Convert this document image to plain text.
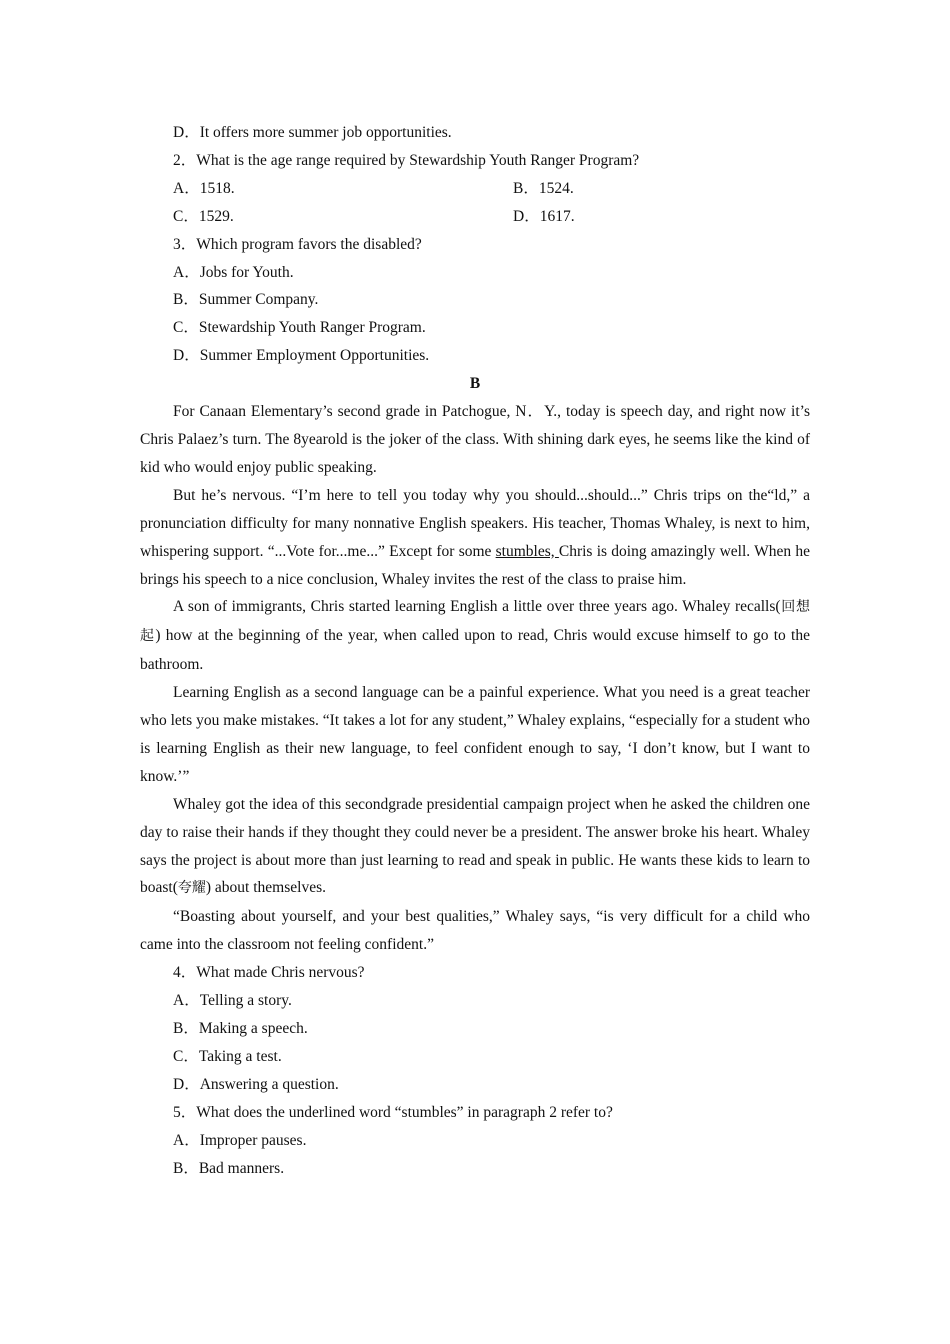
D．It offers more summer job opportunities.
2．What is the age range required by Stewardship Youth Ranger Program?
A．1518.	B．1524.
C．1529.	D．1617.
3．Which program favors the disabled?
A．Jobs for Youth.
B．Summer Company.
C．Stewardship Youth Ranger Program.
D．Summer Employment Opportunities.
B

For Canaan Elementary’s second grade in Patchogue, N．Y., today is speech day, and right now it’s Chris Palaez’s turn. The 8yearold is the joker of the class. With shining dark eyes, he seems like the kind of kid who would enjoy public speaking.

But he’s nervous. “I’m here to tell you today why you should...should...” Chris trips on the“ld,” a pronunciation difficulty for many nonnative English speakers. His teacher, Thomas Whaley, is next to him, whispering support. “...Vote for...me...” Except for some stumbles, Chris is doing amazingly well. When he brings his speech to a nice conclusion, Whaley invites the rest of the class to praise him.

A son of immigrants, Chris started learning English a little over three years ago. Whaley recalls(回想起) how at the beginning of the year, when called upon to read, Chris would excuse himself to go to the bathroom.

Learning English as a second language can be a painful experience. What you need is a great teacher who lets you make mistakes. “It takes a lot for any student,” Whaley explains, “especially for a student who is learning English as their new language, to feel confident enough to say, ‘I don’t know, but I want to know.’”

Whaley got the idea of this secondgrade presidential campaign project when he asked the children one day to raise their hands if they thought they could never be a president. The answer broke his heart. Whaley says the project is about more than just learning to read and speak in public. He wants these kids to learn to boast(夸耀) about themselves.

“Boasting about yourself, and your best qualities,” Whaley says, “is very difficult for a child who came into the classroom not feeling confident.”

4．What made Chris nervous?
A．Telling a story.
B．Making a speech.
C．Taking a test.
D．Answering a question.
5．What does the underlined word “stumbles” in paragraph 2 refer to?
A．Improper pauses.
B．Bad manners.
